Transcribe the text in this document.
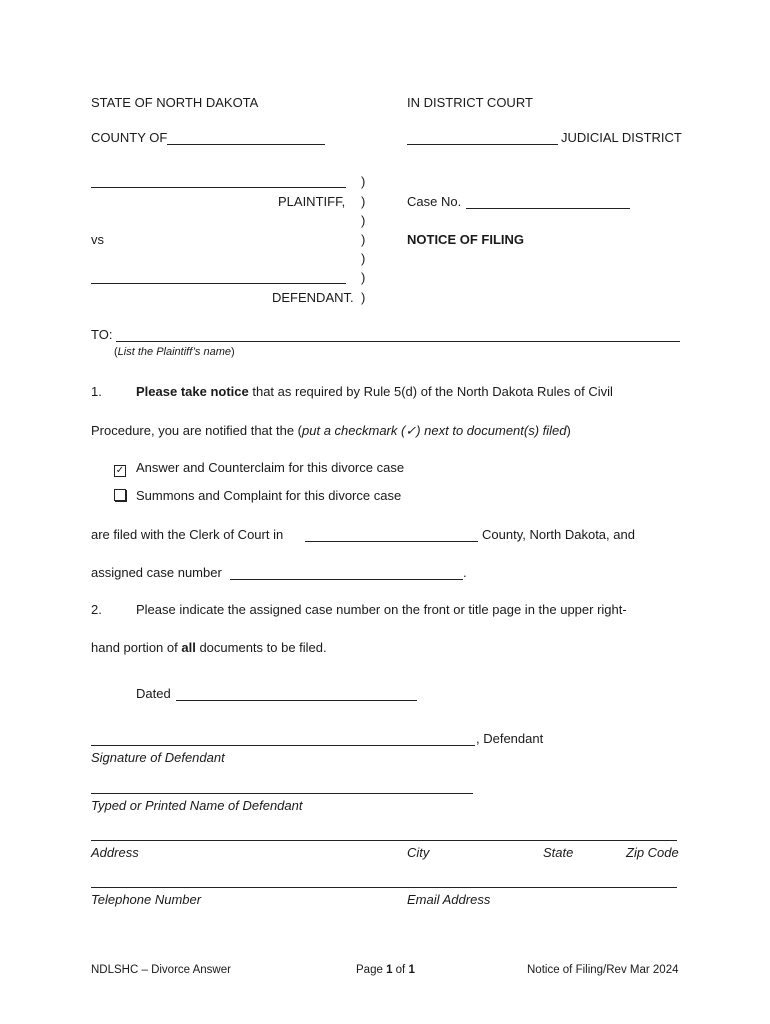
STATE OF NORTH DAKOTA	IN DISTRICT COURT
COUNTY OF	JUDICIAL DISTRICT
PLAINTIFF,
vs
DEFENDANT.
)
)
)
)
)
)
)
Case No.
NOTICE OF FILING
TO:
(List the Plaintiff’s name)
1.	Please take notice that as required by Rule 5(d) of the North Dakota Rules of Civil
Procedure, you are notified that the (put a checkmark (✓) next to document(s) filed)
✓ Answer and Counterclaim for this divorce case
Summons and Complaint for this divorce case
are filed with the Clerk of Court in	County, North Dakota, and
assigned case number	.
2.	Please indicate the assigned case number on the front or title page in the upper right-
hand portion of all documents to be filed.
Dated
, Defendant
Signature of Defendant
Typed or Printed Name of Defendant
Address	City	State	Zip Code
Telephone Number	Email Address
NDLSHC – Divorce Answer	Page 1 of 1	Notice of Filing/Rev Mar 2024
